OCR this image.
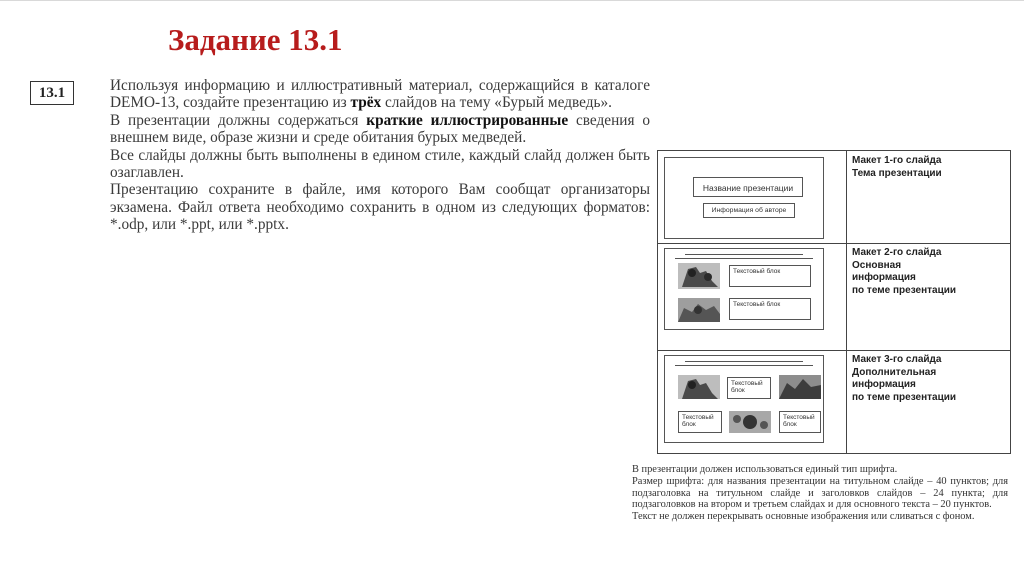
Задание 13.1
13.1	Используя информацию и иллюстративный материал, содержащийся в каталоге DEMO-13, создайте презентацию из трёх слайдов на тему «Бурый медведь».

В презентации должны содержаться краткие иллюстрированные сведения о внешнем виде, образе жизни и среде обитания бурых медведей.

Все слайды должны быть выполнены в едином стиле, каждый слайд должен быть озаглавлен.

Презентацию сохраните в файле, имя которого Вам сообщат организаторы экзамена. Файл ответа необходимо сохранить в одном из следующих форматов: *.odp, или *.ppt, или *.pptx.

Название презентации
Информация об авторе
Макет 1-го слайда
Тема презентации
Текстовый блок
Текстовый блок
Макет 2-го слайда
Основная
информация
по теме презентации
Текстовый блок
Текстовый блок
Текстовый блок
Макет 3-го слайда
Дополнительная
информация
по теме презентации

В презентации должен использоваться единый тип шрифта.

Размер шрифта: для названия презентации на титульном слайде – 40 пунктов; для подзаголовка на титульном слайде и заголовков слайдов – 24 пункта; для подзаголовков на втором и третьем слайдах и для основного текста – 20 пунктов.

Текст не должен перекрывать основные изображения или сливаться с фоном.
